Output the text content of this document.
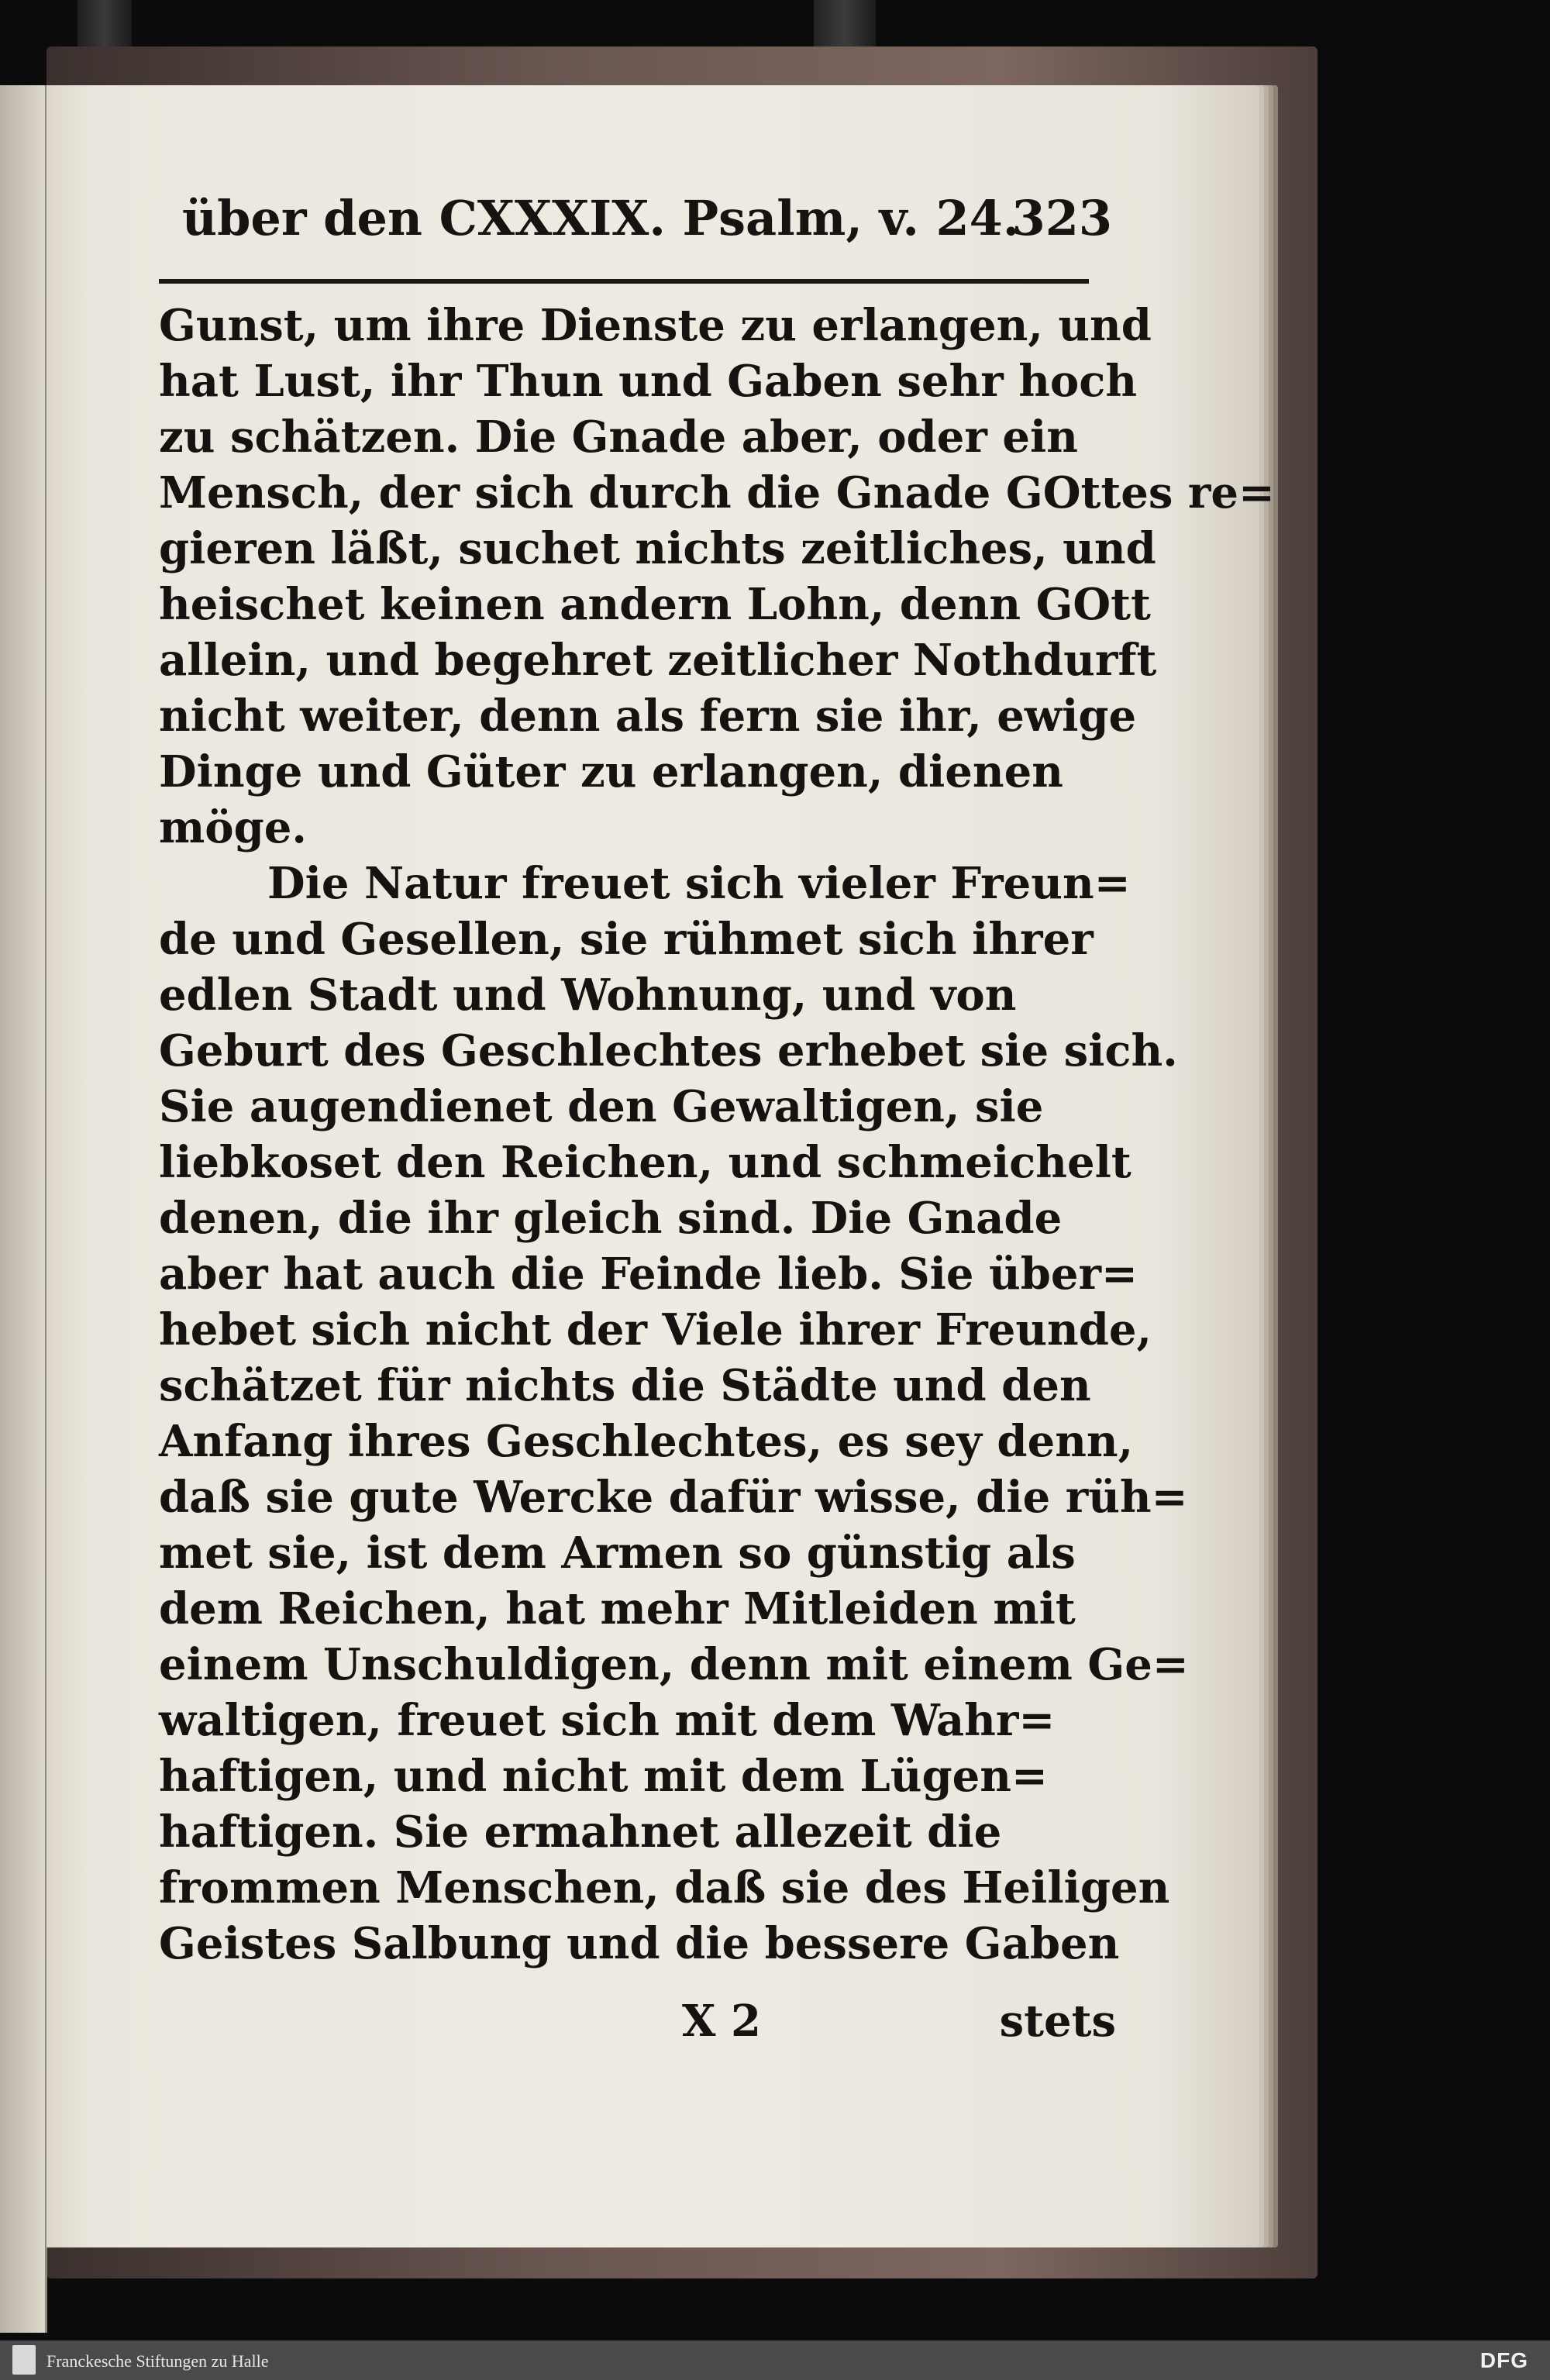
über den CXXXIX. Psalm, v. 24.
323
Gunst, um ihre Dienste zu erlangen, und
hat Lust, ihr Thun und Gaben sehr hoch
zu schätzen. Die Gnade aber, oder ein
Mensch, der sich durch die Gnade GOttes re=
gieren läßt, suchet nichts zeitliches, und
heischet keinen andern Lohn, denn GOtt
allein, und begehret zeitlicher Nothdurft
nicht weiter, denn als fern sie ihr, ewige
Dinge und Güter zu erlangen, dienen
möge.
Die Natur freuet sich vieler Freun=
de und Gesellen, sie rühmet sich ihrer
edlen Stadt und Wohnung, und von
Geburt des Geschlechtes erhebet sie sich.
Sie augendienet den Gewaltigen, sie
liebkoset den Reichen, und schmeichelt
denen, die ihr gleich sind. Die Gnade
aber hat auch die Feinde lieb. Sie über=
hebet sich nicht der Viele ihrer Freunde,
schätzet für nichts die Städte und den
Anfang ihres Geschlechtes, es sey denn,
daß sie gute Wercke dafür wisse, die rüh=
met sie, ist dem Armen so günstig als
dem Reichen, hat mehr Mitleiden mit
einem Unschuldigen, denn mit einem Ge=
waltigen, freuet sich mit dem Wahr=
haftigen, und nicht mit dem Lügen=
haftigen. Sie ermahnet allezeit die
frommen Menschen, daß sie des Heiligen
Geistes Salbung und die bessere Gaben
X 2	stets
Franckesche Stiftungen zu Halle	DFG
